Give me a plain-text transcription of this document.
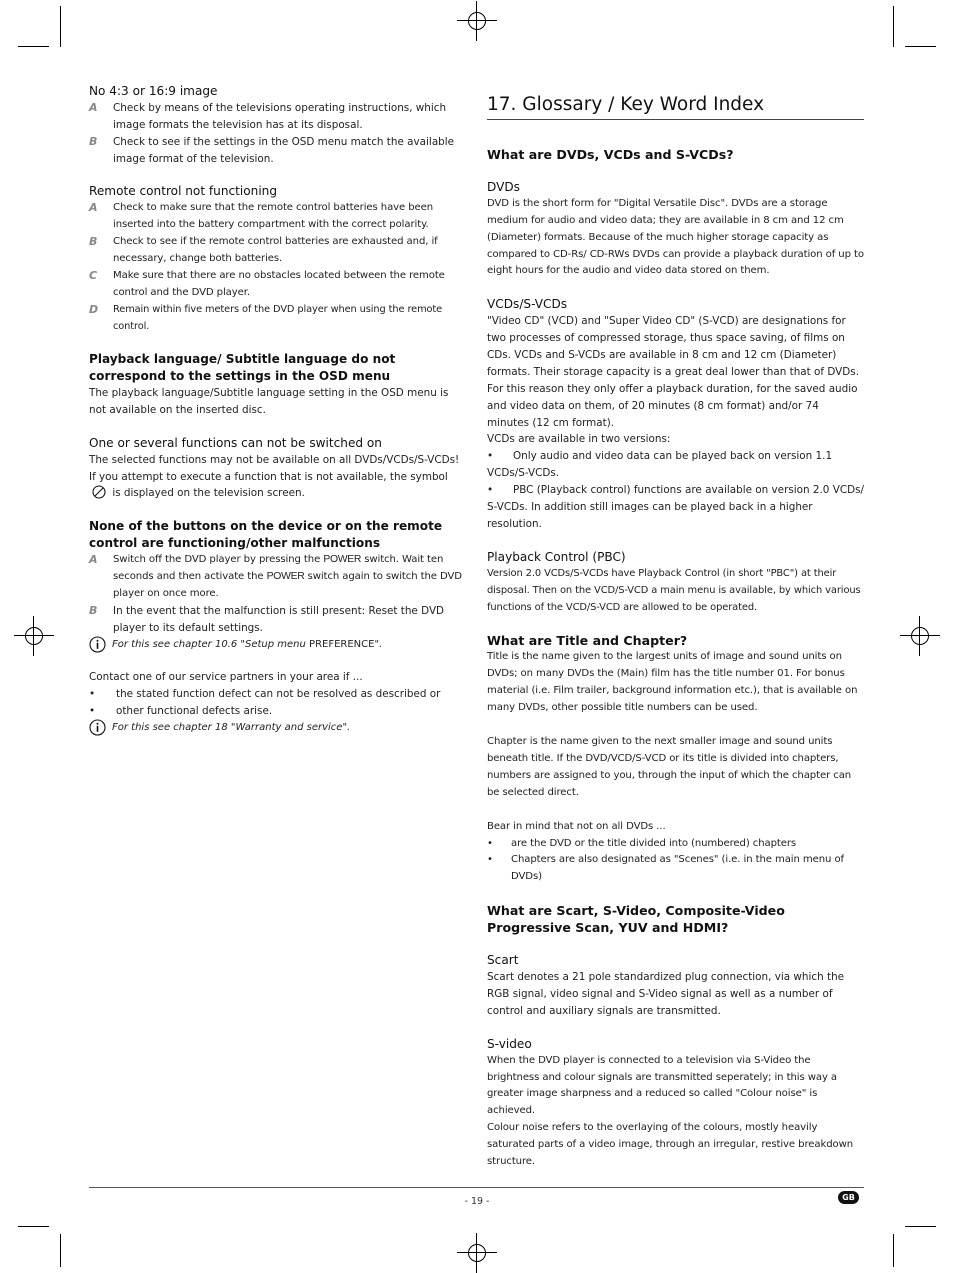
No 4:3 or 16:9 image
A Check by means of the televisions operating instructions, which image formats the television has at its disposal.
B Check to see if the settings in the OSD menu match the available image format of the television.
Remote control not functioning
A Check to make sure that the remote control batteries have been inserted into the battery compartment with the correct polarity.
B Check to see if the remote control batteries are exhausted and, if necessary, change both batteries.
C Make sure that there are no obstacles located between the remote control and the DVD player.
D Remain within five meters of the DVD player when using the remote control.
Playback language/ Subtitle language do not correspond to the settings in the OSD menu
The playback language/Subtitle language setting in the OSD menu is not available on the inserted disc.
One or several functions can not be switched on
The selected functions may not be available on all DVDs/VCDs/S-VCDs!
If you attempt to execute a function that is not available, the symbol  is displayed on the television screen.
None of the buttons on the device or on the remote control are functioning/other malfunctions
A Switch off the DVD player by pressing the POWER switch. Wait ten seconds and then activate the POWER switch again to switch the DVD player on once more.
B In the event that the malfunction is still present: Reset the DVD player to its default settings.
For this see chapter 10.6 "Setup menu PREFERENCE".
Contact one of our service partners in your area if ...
• the stated function defect can not be resolved as described or
• other functional defects arise.
For this see chapter 18 "Warranty and service".
17. Glossary / Key Word Index
What are DVDs, VCDs and S-VCDs?
DVDs
DVD is the short form for "Digital Versatile Disc". DVDs are a storage medium for audio and video data; they are available in 8 cm and 12 cm (Diameter) formats. Because of the much higher storage capacity as compared to CD-Rs/ CD-RWs DVDs can provide a playback duration of up to eight hours for the audio and video data stored on them.
VCDs/S-VCDs
"Video CD" (VCD) and "Super Video CD" (S-VCD) are designations for two processes of compressed storage, thus space saving, of films on CDs. VCDs and S-VCDs are available in 8 cm and 12 cm (Diameter) formats. Their storage capacity is a great deal lower than that of DVDs. For this reason they only offer a playback duration, for the saved audio and video data on them, of 20 minutes (8 cm format) and/or 74 minutes (12 cm format).
VCDs are available in two versions:
•      Only audio and video data can be played back on version 1.1 VCDs/S-VCDs.
•      PBC (Playback control) functions are available on version 2.0 VCDs/ S-VCDs. In addition still images can be played back in a higher resolution.
Playback Control (PBC)
Version 2.0 VCDs/S-VCDs have Playback Control (in short "PBC") at their disposal. Then on the VCD/S-VCD a main menu is available, by which various functions of the VCD/S-VCD are allowed to be operated.
What are Title and Chapter?
Title is the name given to the largest units of image and sound units on DVDs; on many DVDs the (Main) film has the title number 01. For bonus material (i.e. Film trailer, background information etc.), that is available on many DVDs, other possible title numbers can be used.
Chapter is the name given to the next smaller image and sound units beneath title. If the DVD/VCD/S-VCD or its title is divided into chapters, numbers are assigned to you, through the input of which the chapter can be selected direct.
Bear in mind that not on all DVDs ...
• are the DVD or the title divided into (numbered) chapters
• Chapters are also designated as "Scenes" (i.e. in the main menu of DVDs)
What are Scart, S-Video, Composite-Video Progressive Scan, YUV and HDMI?
Scart
Scart denotes a 21 pole standardized plug connection, via which the RGB signal, video signal and S-Video signal as well as a number of control and auxiliary signals are transmitted.
S-video
When the DVD player is connected to a television via S-Video the brightness and colour signals are transmitted seperately; in this way a greater image sharpness and a reduced so called "Colour noise" is achieved.
Colour noise refers to the overlaying of the colours, mostly heavily saturated parts of a video image, through an irregular, restive breakdown structure.
- 19 -	GB
